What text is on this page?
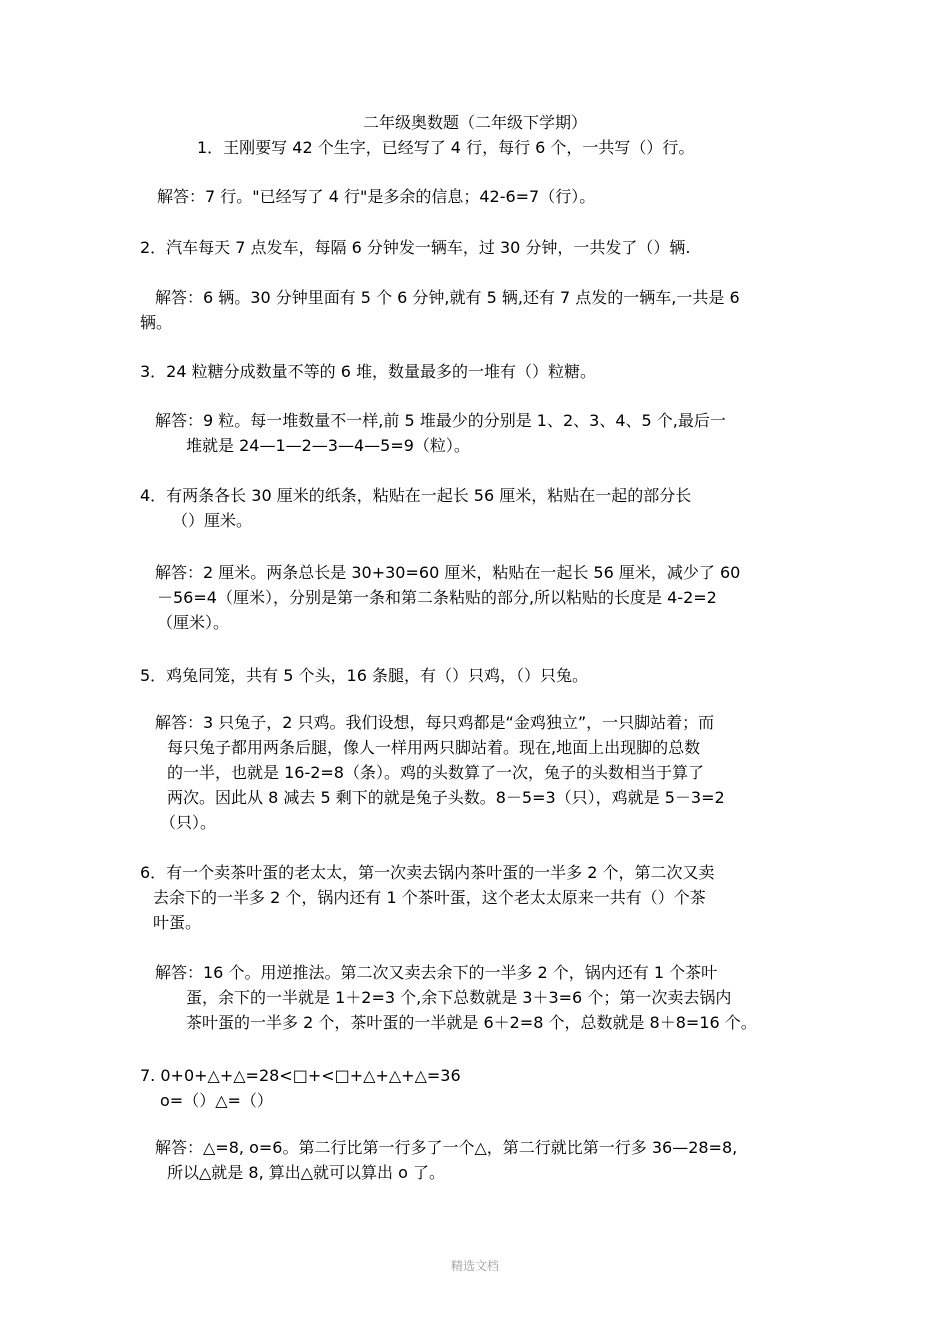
二年级奥数题（二年级下学期）
1．王刚要写 42 个生字，已经写了 4 行，每行 6 个，一共写（）行。
解答：7 行。"已经写了 4 行"是多余的信息；42-6=7（行）。
2．汽车每天 7 点发车，每隔 6 分钟发一辆车，过 30 分钟，一共发了（）辆.
解答：6 辆。30 分钟里面有 5 个 6 分钟,就有 5 辆,还有 7 点发的一辆车,一共是 6
辆。
3．24 粒糖分成数量不等的 6 堆，数量最多的一堆有（）粒糖。
解答：9 粒。每一堆数量不一样,前 5 堆最少的分别是 1、2、3、4、5 个,最后一
堆就是 24—1—2—3—4—5=9（粒）。
4．有两条各长 30 厘米的纸条，粘贴在一起长 56 厘米，粘贴在一起的部分长
（）厘米。
解答：2 厘米。两条总长是 30+30=60 厘米，粘贴在一起长 56 厘米，减少了 60
－56=4（厘米），分别是第一条和第二条粘贴的部分,所以粘贴的长度是 4-2=2
（厘米）。
5．鸡兔同笼，共有 5 个头，16 条腿，有（）只鸡，（）只兔。
解答：3 只兔子，2 只鸡。我们设想，每只鸡都是“金鸡独立”，一只脚站着；而
每只兔子都用两条后腿，像人一样用两只脚站着。现在,地面上出现脚的总数
的一半，也就是 16-2=8（条）。鸡的头数算了一次，兔子的头数相当于算了
两次。因此从 8 减去 5 剩下的就是兔子头数。8－5=3（只），鸡就是 5－3=2
（只）。
6．有一个卖茶叶蛋的老太太，第一次卖去锅内茶叶蛋的一半多 2 个，第二次又卖
去余下的一半多 2 个，锅内还有 1 个茶叶蛋，这个老太太原来一共有（）个茶
叶蛋。
解答：16 个。用逆推法。第二次又卖去余下的一半多 2 个，锅内还有 1 个茶叶
蛋，余下的一半就是 1＋2=3 个,余下总数就是 3＋3=6 个；第一次卖去锅内
茶叶蛋的一半多 2 个，茶叶蛋的一半就是 6＋2=8 个，总数就是 8＋8=16 个。
7. 0+0+△+△=28<□+<□+△+△+△=36
o=（）△=（）
解答：△=8, o=6。第二行比第一行多了一个△，第二行就比第一行多 36—28=8,
所以△就是 8, 算出△就可以算出 o 了。
精选文档
